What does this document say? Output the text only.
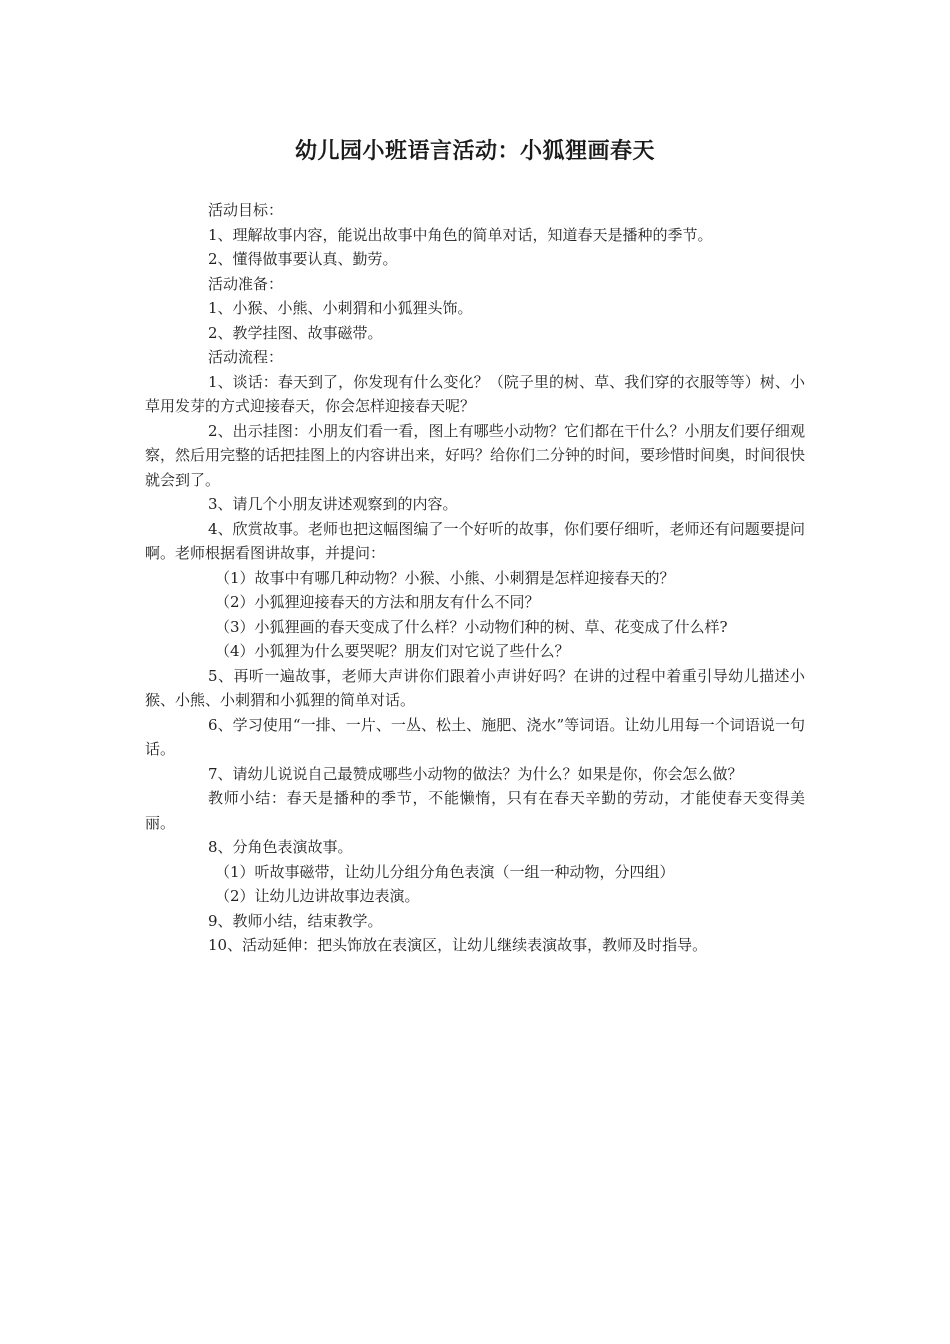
幼儿园小班语言活动：小狐狸画春天

活动目标：

1、理解故事内容，能说出故事中角色的简单对话，知道春天是播种的季节。

2、懂得做事要认真、勤劳。

活动准备：

1、小猴、小熊、小刺猬和小狐狸头饰。

2、教学挂图、故事磁带。

活动流程：

1、谈话：春天到了，你发现有什么变化？（院子里的树、草、我们穿的衣服等等）树、小草用发芽的方式迎接春天，你会怎样迎接春天呢？

2、出示挂图：小朋友们看一看，图上有哪些小动物？它们都在干什么？小朋友们要仔细观察，然后用完整的话把挂图上的内容讲出来，好吗？给你们二分钟的时间，要珍惜时间奥，时间很快就会到了。

3、请几个小朋友讲述观察到的内容。

4、欣赏故事。老师也把这幅图编了一个好听的故事，你们要仔细听，老师还有问题要提问啊。老师根据看图讲故事，并提问：

（1）故事中有哪几种动物？小猴、小熊、小刺猬是怎样迎接春天的？

（2）小狐狸迎接春天的方法和朋友有什么不同？

（3）小狐狸画的春天变成了什么样？小动物们种的树、草、花变成了什么样?

（4）小狐狸为什么要哭呢？朋友们对它说了些什么？

5、再听一遍故事，老师大声讲你们跟着小声讲好吗？在讲的过程中着重引导幼儿描述小猴、小熊、小刺猬和小狐狸的简单对话。

6、学习使用“一排、一片、一丛、松土、施肥、浇水”等词语。让幼儿用每一个词语说一句话。

7、请幼儿说说自己最赞成哪些小动物的做法？为什么？如果是你，你会怎么做？

教师小结：春天是播种的季节，不能懒惰，只有在春天辛勤的劳动，才能使春天变得美丽。

8、分角色表演故事。

（1）听故事磁带，让幼儿分组分角色表演（一组一种动物，分四组）

（2）让幼儿边讲故事边表演。

9、教师小结，结束教学。

10、活动延伸：把头饰放在表演区，让幼儿继续表演故事，教师及时指导。
